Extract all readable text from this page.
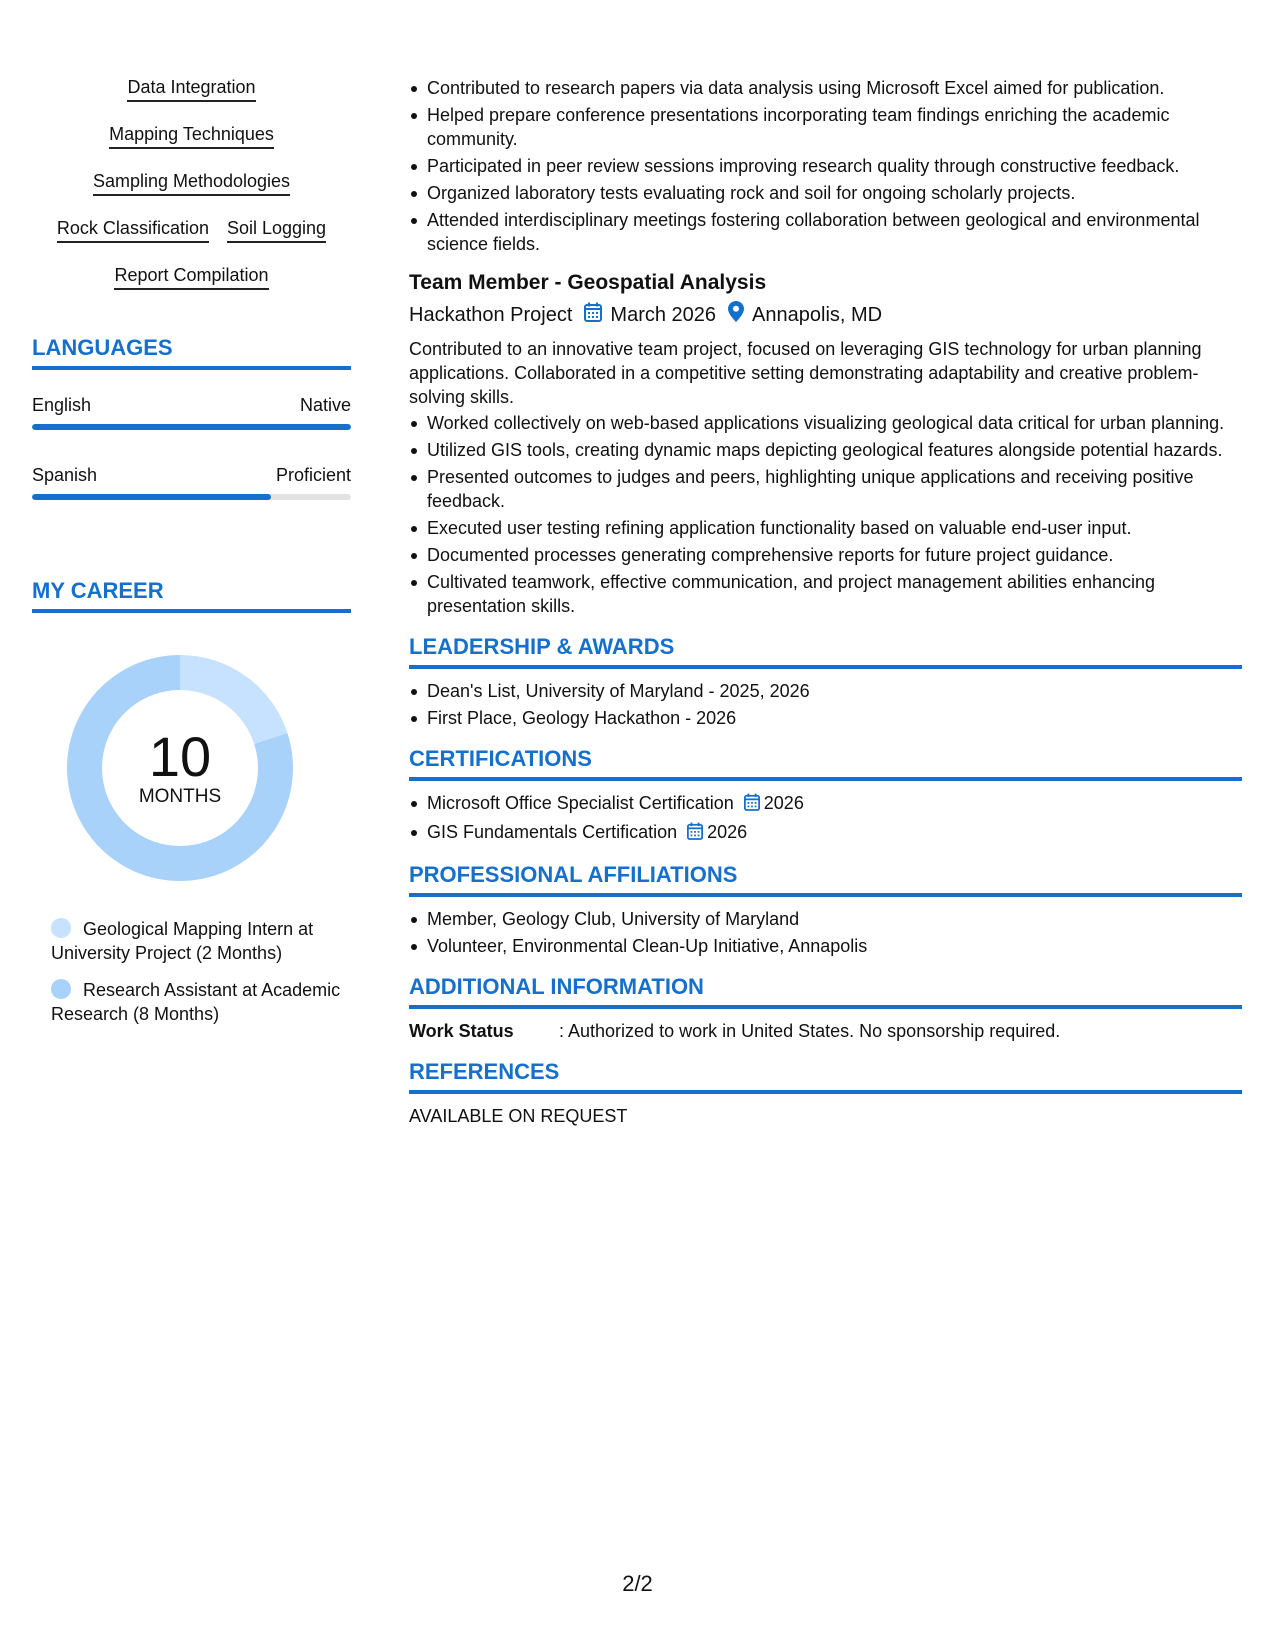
Data Integration
Mapping Techniques
Sampling Methodologies
Rock Classification Soil Logging
Report Compilation
LANGUAGES
English	Native
Spanish	Proficient
MY CAREER
10
MONTHS
Geological Mapping Intern at University Project (2 Months)
Research Assistant at Academic Research (8 Months)
Contributed to research papers via data analysis using Microsoft Excel aimed for publication.
Helped prepare conference presentations incorporating team findings enriching the academic community.
Participated in peer review sessions improving research quality through constructive feedback.
Organized laboratory tests evaluating rock and soil for ongoing scholarly projects.
Attended interdisciplinary meetings fostering collaboration between geological and environmental science fields.
Team Member - Geospatial Analysis
Hackathon Project March 2026 Annapolis, MD
Contributed to an innovative team project, focused on leveraging GIS technology for urban planning applications. Collaborated in a competitive setting demonstrating adaptability and creative problem-solving skills.
Worked collectively on web-based applications visualizing geological data critical for urban planning.
Utilized GIS tools, creating dynamic maps depicting geological features alongside potential hazards.
Presented outcomes to judges and peers, highlighting unique applications and receiving positive feedback.
Executed user testing refining application functionality based on valuable end-user input.
Documented processes generating comprehensive reports for future project guidance.
Cultivated teamwork, effective communication, and project management abilities enhancing presentation skills.
LEADERSHIP & AWARDS
Dean's List, University of Maryland - 2025, 2026
First Place, Geology Hackathon - 2026
CERTIFICATIONS
Microsoft Office Specialist Certification 2026
GIS Fundamentals Certification 2026
PROFESSIONAL AFFILIATIONS
Member, Geology Club, University of Maryland
Volunteer, Environmental Clean-Up Initiative, Annapolis
ADDITIONAL INFORMATION
Work Status	: Authorized to work in United States. No sponsorship required.
REFERENCES
AVAILABLE ON REQUEST
2/2
